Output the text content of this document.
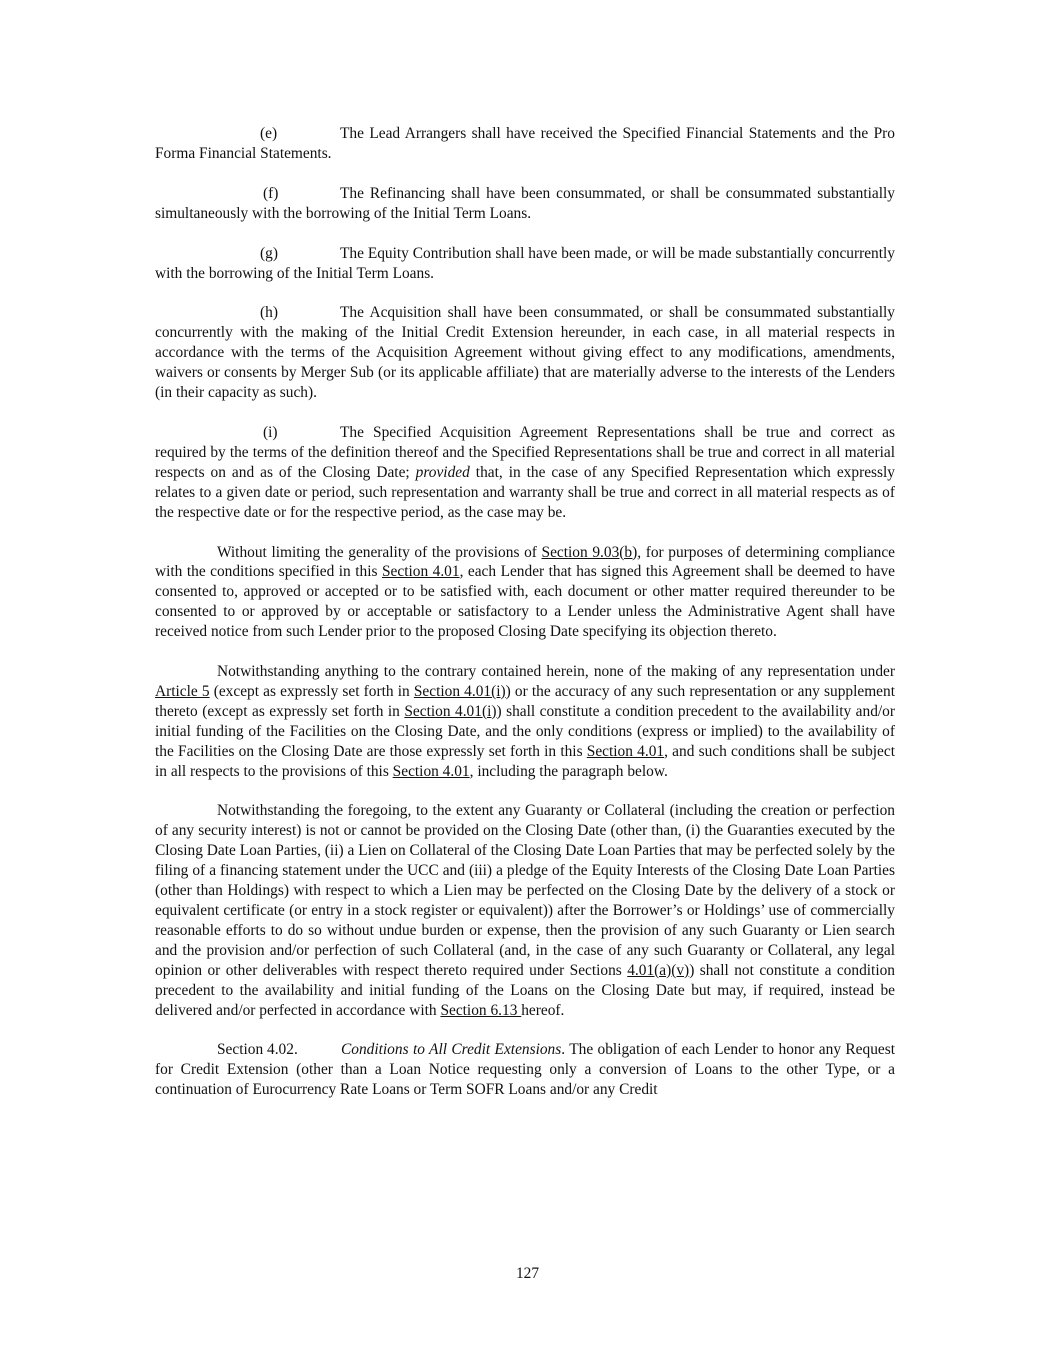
(e)	The Lead Arrangers shall have received the Specified Financial Statements and the Pro Forma Financial Statements.

(f)	The Refinancing shall have been consummated, or shall be consummated substantially simultaneously with the borrowing of the Initial Term Loans.

(g)	The Equity Contribution shall have been made, or will be made substantially concurrently with the borrowing of the Initial Term Loans.

(h)	The Acquisition shall have been consummated, or shall be consummated substantially concurrently with the making of the Initial Credit Extension hereunder, in each case, in all material respects in accordance with the terms of the Acquisition Agreement without giving effect to any modifications, amendments, waivers or consents by Merger Sub (or its applicable affiliate) that are materially adverse to the interests of the Lenders (in their capacity as such).

(i)	The Specified Acquisition Agreement Representations shall be true and correct as required by the terms of the definition thereof and the Specified Representations shall be true and correct in all material respects on and as of the Closing Date; provided that, in the case of any Specified Representation which expressly relates to a given date or period, such representation and warranty shall be true and correct in all material respects as of the respective date or for the respective period, as the case may be.

Without limiting the generality of the provisions of Section 9.03(b), for purposes of determining compliance with the conditions specified in this Section 4.01, each Lender that has signed this Agreement shall be deemed to have consented to, approved or accepted or to be satisfied with, each document or other matter required thereunder to be consented to or approved by or acceptable or satisfactory to a Lender unless the Administrative Agent shall have received notice from such Lender prior to the proposed Closing Date specifying its objection thereto.

Notwithstanding anything to the contrary contained herein, none of the making of any representation under Article 5 (except as expressly set forth in Section 4.01(i)) or the accuracy of any such representation or any supplement thereto (except as expressly set forth in Section 4.01(i)) shall constitute a condition precedent to the availability and/or initial funding of the Facilities on the Closing Date, and the only conditions (express or implied) to the availability of the Facilities on the Closing Date are those expressly set forth in this Section 4.01, and such conditions shall be subject in all respects to the provisions of this Section 4.01, including the paragraph below.

Notwithstanding the foregoing, to the extent any Guaranty or Collateral (including the creation or perfection of any security interest) is not or cannot be provided on the Closing Date (other than, (i) the Guaranties executed by the Closing Date Loan Parties, (ii) a Lien on Collateral of the Closing Date Loan Parties that may be perfected solely by the filing of a financing statement under the UCC and (iii) a pledge of the Equity Interests of the Closing Date Loan Parties (other than Holdings) with respect to which a Lien may be perfected on the Closing Date by the delivery of a stock or equivalent certificate (or entry in a stock register or equivalent)) after the Borrower’s or Holdings’ use of commercially reasonable efforts to do so without undue burden or expense, then the provision of any such Guaranty or Lien search and the provision and/or perfection of such Collateral (and, in the case of any such Guaranty or Collateral, any legal opinion or other deliverables with respect thereto required under Sections 4.01(a)(v)) shall not constitute a condition precedent to the availability and initial funding of the Loans on the Closing Date but may, if required, instead be delivered and/or perfected in accordance with Section 6.13 hereof.

Section 4.02.	Conditions to All Credit Extensions. The obligation of each Lender to honor any Request for Credit Extension (other than a Loan Notice requesting only a conversion of Loans to the other Type, or a continuation of Eurocurrency Rate Loans or Term SOFR Loans and/or any Credit

127
